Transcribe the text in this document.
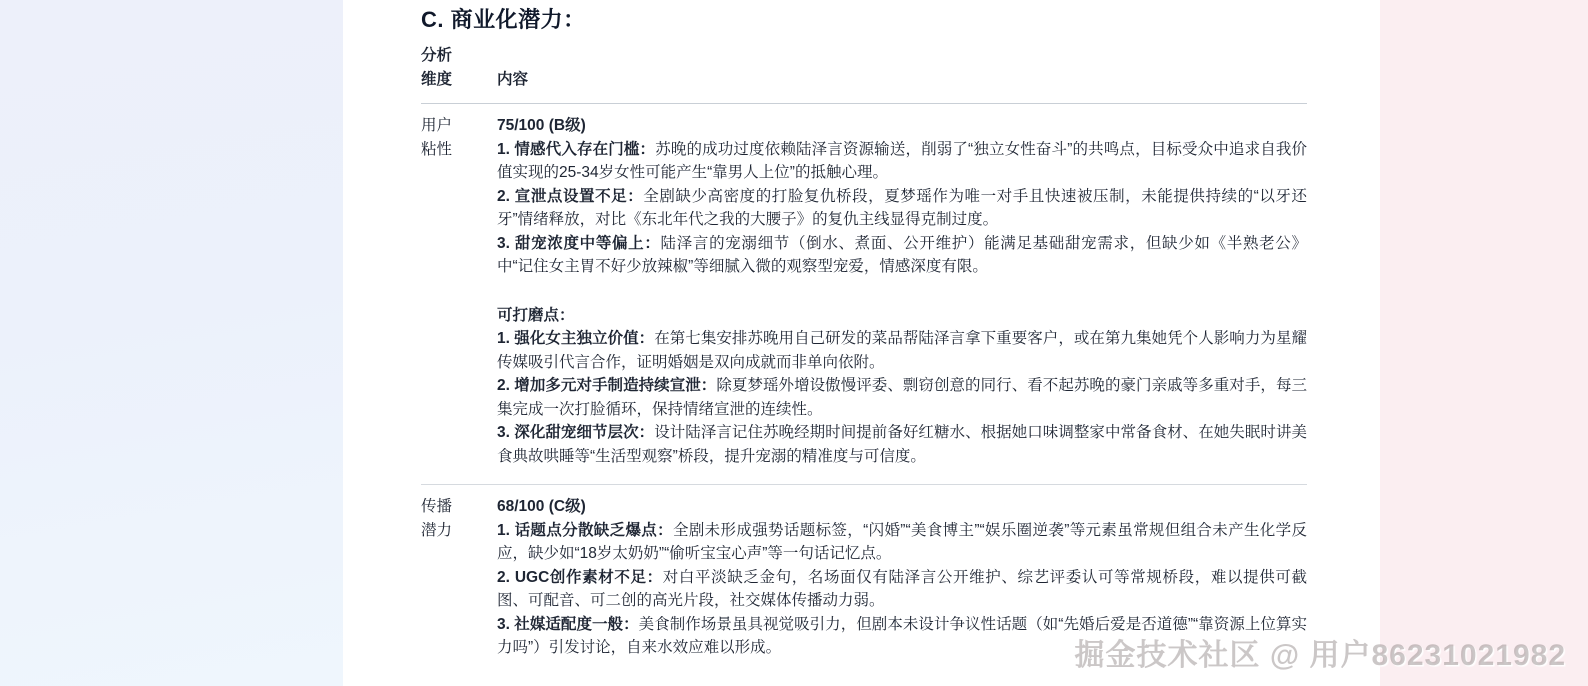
C. 商业化潜力：
分析维度	内容
用户粘性

75/100 (B级)

1. 情感代入存在门槛：苏晚的成功过度依赖陆泽言资源输送，削弱了“独立女性奋斗”的共鸣点，目标受众中追求自我价值实现的25-34岁女性可能产生“靠男人上位”的抵触心理。

2. 宣泄点设置不足：全剧缺少高密度的打脸复仇桥段，夏梦瑶作为唯一对手且快速被压制，未能提供持续的“以牙还牙”情绪释放，对比《东北年代之我的大腰子》的复仇主线显得克制过度。

3. 甜宠浓度中等偏上：陆泽言的宠溺细节（倒水、煮面、公开维护）能满足基础甜宠需求，但缺少如《半熟老公》中“记住女主胃不好少放辣椒”等细腻入微的观察型宠爱，情感深度有限。

可打磨点：

1. 强化女主独立价值：在第七集安排苏晚用自己研发的菜品帮陆泽言拿下重要客户，或在第九集她凭个人影响力为星耀传媒吸引代言合作，证明婚姻是双向成就而非单向依附。

2. 增加多元对手制造持续宣泄：除夏梦瑶外增设傲慢评委、剽窃创意的同行、看不起苏晚的豪门亲戚等多重对手，每三集完成一次打脸循环，保持情绪宣泄的连续性。

3. 深化甜宠细节层次：设计陆泽言记住苏晚经期时间提前备好红糖水、根据她口味调整家中常备食材、在她失眠时讲美食典故哄睡等“生活型观察”桥段，提升宠溺的精准度与可信度。

传播潜力

68/100 (C级)

1. 话题点分散缺乏爆点：全剧未形成强势话题标签，“闪婚”“美食博主”“娱乐圈逆袭”等元素虽常规但组合未产生化学反应，缺少如“18岁太奶奶”“偷听宝宝心声”等一句话记忆点。

2. UGC创作素材不足：对白平淡缺乏金句，名场面仅有陆泽言公开维护、综艺评委认可等常规桥段，难以提供可截图、可配音、可二创的高光片段，社交媒体传播动力弱。

3. 社媒适配度一般：美食制作场景虽具视觉吸引力，但剧本未设计争议性话题（如“先婚后爱是否道德”“靠资源上位算实力吗”）引发讨论，自来水效应难以形成。	掘金技术社区 @ 用户86231021982
